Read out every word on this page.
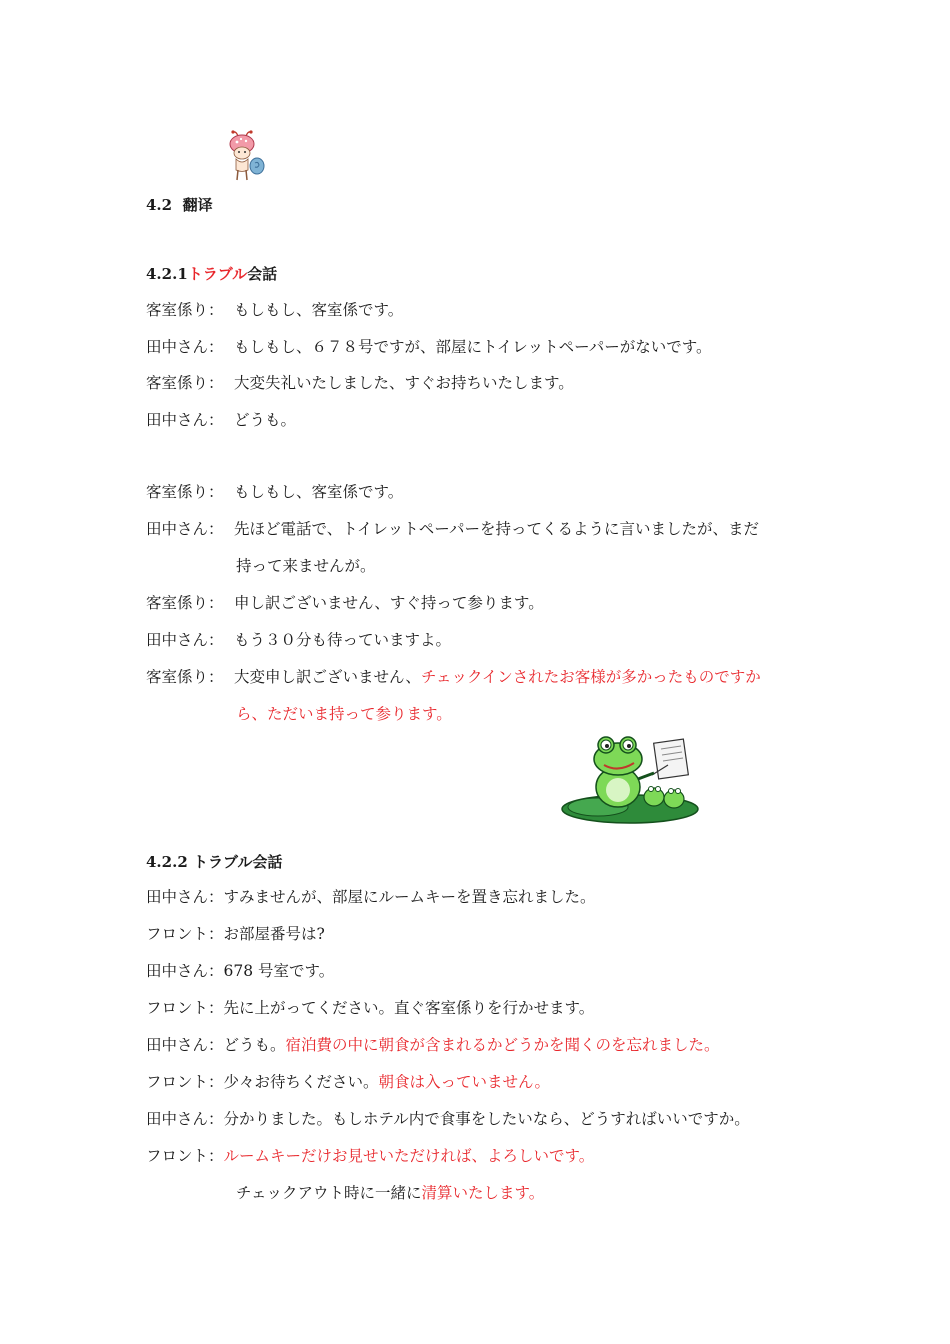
4.2 翻译
4.2.1トラブル会話
客室係り： もしもし、客室係です。
田中さん： もしもし、６７８号ですが、部屋にトイレットペーパーがないです。
客室係り： 大変失礼いたしました、すぐお持ちいたします。
田中さん： どうも。
客室係り： もしもし、客室係です。
田中さん： 先ほど電話で、トイレットペーパーを持ってくるように言いましたが、まだ
持って来ませんが。
客室係り： 申し訳ございません、すぐ持って参ります。
田中さん： もう３０分も待っていますよ。
客室係り： 大変申し訳ございません、チェックインされたお客様が多かったものですか
ら、ただいま持って参ります。
4.2.2 トラブル会話
田中さん：すみませんが、部屋にルームキーを置き忘れました。
フロント：お部屋番号は?
田中さん：678 号室です。
フロント：先に上がってください。直ぐ客室係りを行かせます。
田中さん：どうも。宿泊費の中に朝食が含まれるかどうかを聞くのを忘れました。
フロント：少々お待ちください。朝食は入っていません。
田中さん：分かりました。もしホテル内で食事をしたいなら、どうすればいいですか。
フロント：ルームキーだけお見せいただければ、よろしいです。
チェックアウト時に一緒に清算いたします。
